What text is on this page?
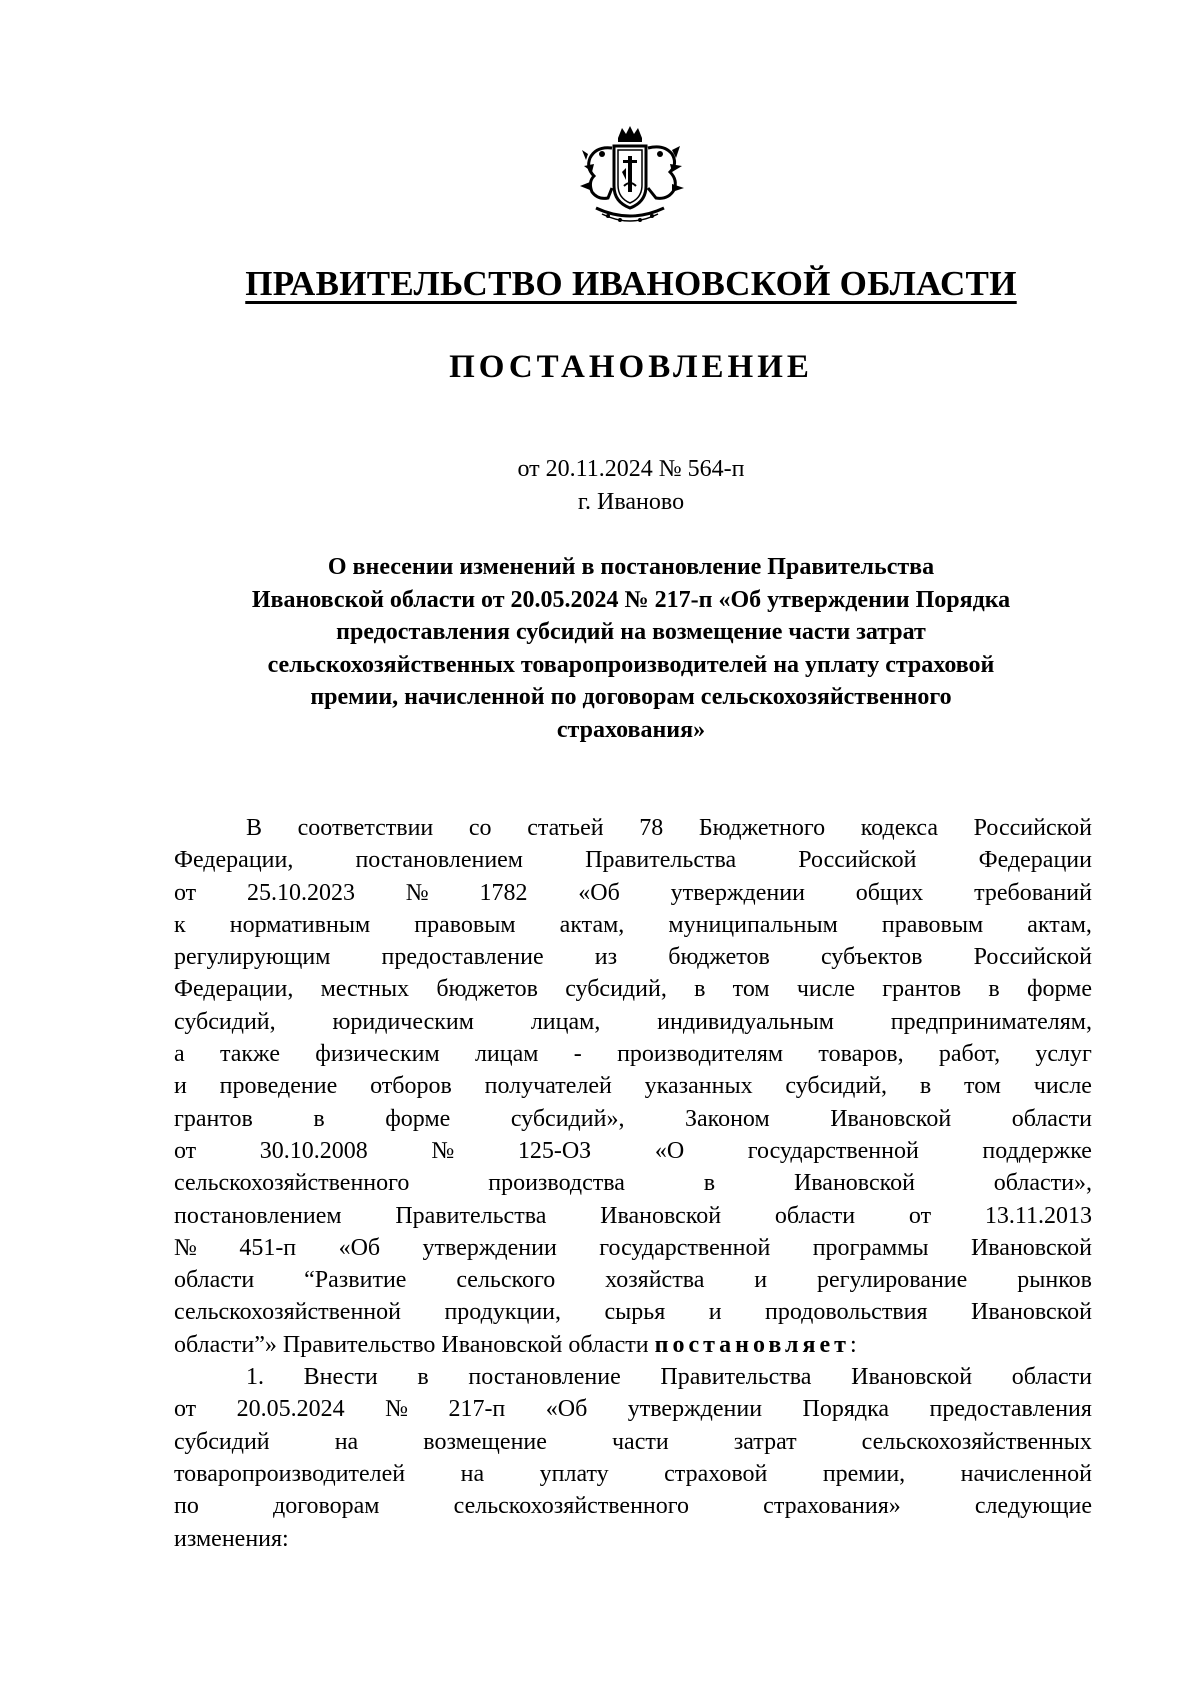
ПРАВИТЕЛЬСТВО ИВАНОВСКОЙ ОБЛАСТИ
ПОСТАНОВЛЕНИЕ
от 20.11.2024 № 564-п
г. Иваново
О внесении изменений в постановление Правительства
Ивановской области от 20.05.2024 № 217-п «Об утверждении Порядка
предоставления субсидий на возмещение части затрат
сельскохозяйственных товаропроизводителей на уплату страховой
премии, начисленной по договорам сельскохозяйственного
страхования»
В соответствии со статьей 78 Бюджетного кодекса Российской
Федерации,	постановлением	Правительства	Российской	Федерации
от 25.10.2023 № 1782 «Об утверждении общих требований
к нормативным правовым актам, муниципальным правовым актам,
регулирующим предоставление из бюджетов субъектов Российской
Федерации, местных бюджетов субсидий, в том числе грантов в форме
субсидий, юридическим лицам, индивидуальным предпринимателям,
а также физическим лицам - производителям товаров, работ, услуг
и проведение отборов получателей указанных субсидий, в том числе
грантов	в	форме	субсидий»,	Законом	Ивановской	области
от	30.10.2008	№	125-ОЗ	«О	государственной	поддержке
сельскохозяйственного	производства	в	Ивановской	области»,
постановлением Правительства Ивановской области от 13.11.2013
№ 451-п «Об утверждении государственной программы Ивановской
области “Развитие сельского хозяйства и регулирование рынков
сельскохозяйственной продукции, сырья и продовольствия Ивановской
области”» Правительство Ивановской области постановляет :
1. Внести в постановление Правительства Ивановской области
от 20.05.2024 № 217-п «Об утверждении Порядка предоставления
субсидий	на	возмещение	части	затрат	сельскохозяйственных
товаропроизводителей на уплату страховой премии, начисленной
по	договорам	сельскохозяйственного	страхования»	следующие
изменения:
